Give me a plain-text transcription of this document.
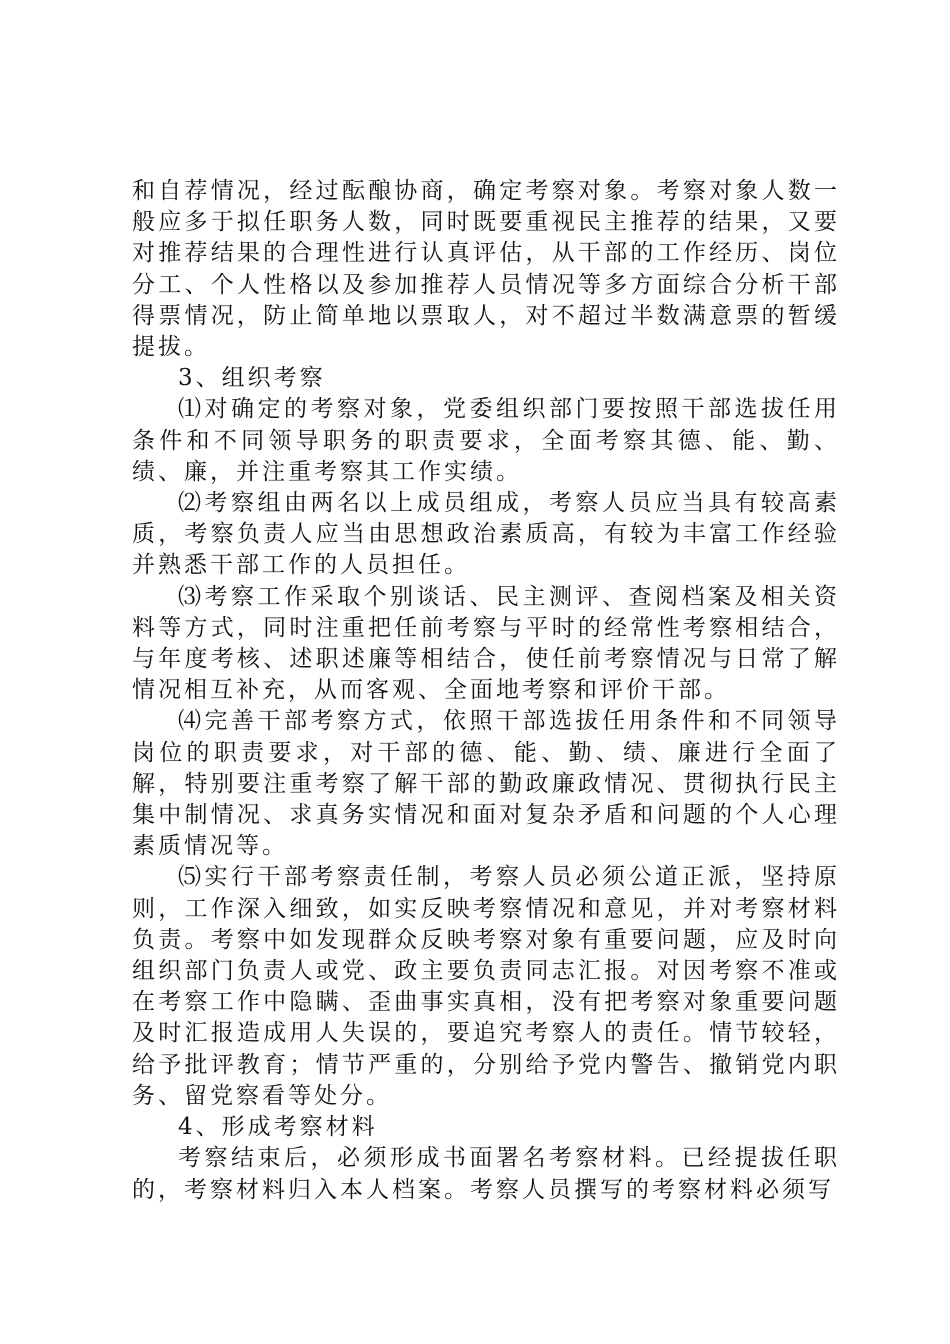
和自荐情况，经过酝酿协商，确定考察对象。考察对象人数一般应多于拟任职务人数，同时既要重视民主推荐的结果，又要对推荐结果的合理性进行认真评估，从干部的工作经历、岗位分工、个人性格以及参加推荐人员情况等多方面综合分析干部得票情况，防止简单地以票取人，对不超过半数满意票的暂缓提拔。

3、组织考察

⑴对确定的考察对象，党委组织部门要按照干部选拔任用条件和不同领导职务的职责要求，全面考察其德、能、勤、绩、廉，并注重考察其工作实绩。

⑵考察组由两名以上成员组成，考察人员应当具有较高素质，考察负责人应当由思想政治素质高，有较为丰富工作经验并熟悉干部工作的人员担任。

⑶考察工作采取个别谈话、民主测评、查阅档案及相关资料等方式，同时注重把任前考察与平时的经常性考察相结合，与年度考核、述职述廉等相结合，使任前考察情况与日常了解情况相互补充，从而客观、全面地考察和评价干部。

⑷完善干部考察方式，依照干部选拔任用条件和不同领导岗位的职责要求，对干部的德、能、勤、绩、廉进行全面了解，特别要注重考察了解干部的勤政廉政情况、贯彻执行民主集中制情况、求真务实情况和面对复杂矛盾和问题的个人心理素质情况等。

⑸实行干部考察责任制，考察人员必须公道正派，坚持原则，工作深入细致，如实反映考察情况和意见，并对考察材料负责。考察中如发现群众反映考察对象有重要问题，应及时向组织部门负责人或党、政主要负责同志汇报。对因考察不准或在考察工作中隐瞒、歪曲事实真相，没有把考察对象重要问题及时汇报造成用人失误的，要追究考察人的责任。情节较轻，给予批评教育；情节严重的，分别给予党内警告、撤销党内职务、留党察看等处分。

4、形成考察材料

考察结束后，必须形成书面署名考察材料。已经提拔任职的，考察材料归入本人档案。考察人员撰写的考察材料必须写
